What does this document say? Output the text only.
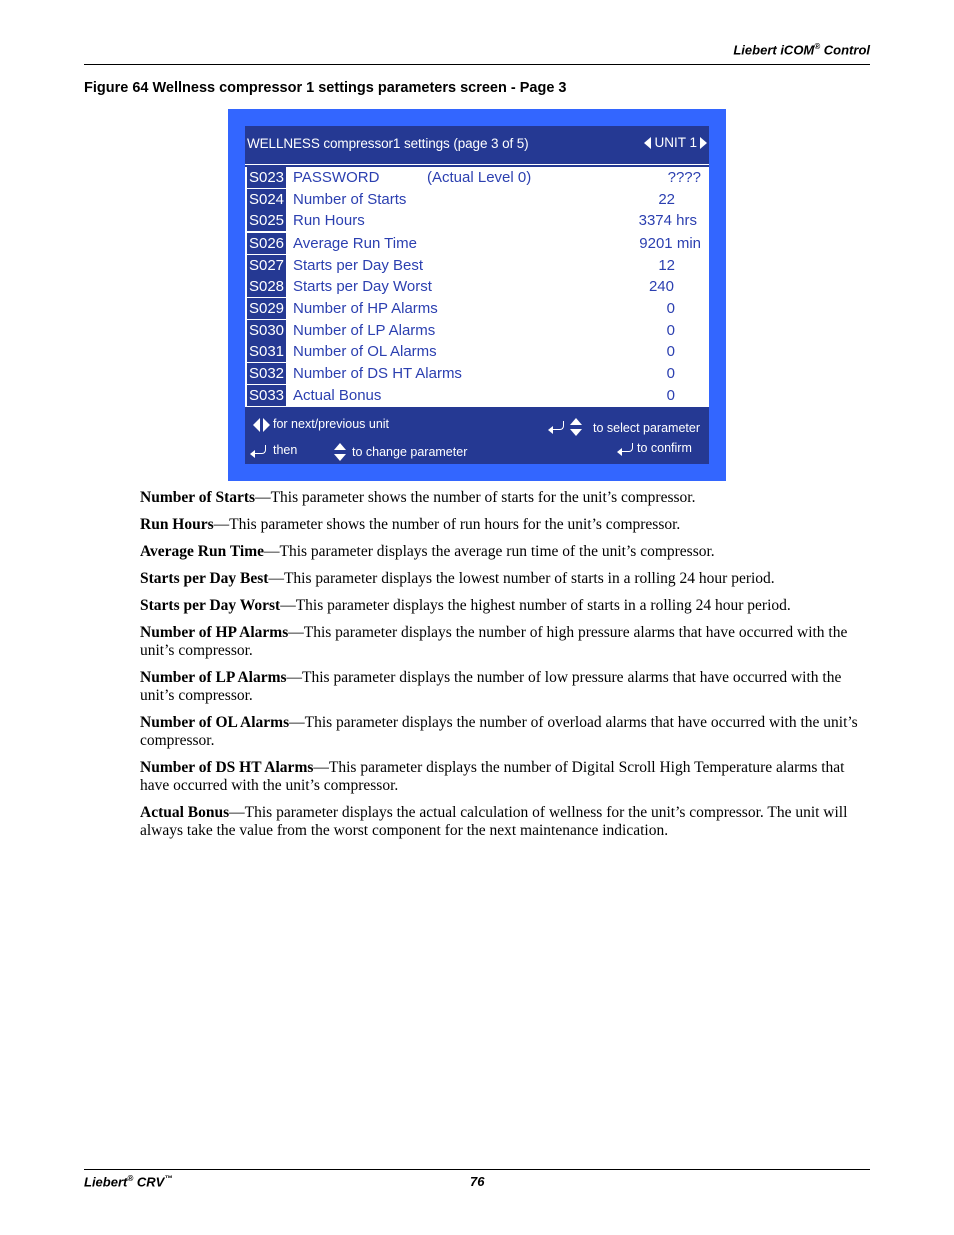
Liebert iCOM® Control
Figure 64 Wellness compressor 1 settings parameters screen - Page 3
WELLNESS compressor1 settings (page 3 of 5)	UNIT 1
S023 PASSWORD	(Actual Level 0)	????
S024 Number of Starts	22
S025 Run Hours	3374 hrs
S026 Average Run Time	9201 min
S027 Starts per Day Best	12
S028 Starts per Day Worst	240
S029 Number of HP Alarms	0
S030 Number of LP Alarms	0
S031 Number of OL Alarms	0
S032 Number of DS HT Alarms	0
S033 Actual Bonus	0
for next/previous unit	to select parameter
then	to change parameter	to confirm

Number of Starts—This parameter shows the number of starts for the unit’s compressor.

Run Hours—This parameter shows the number of run hours for the unit’s compressor.

Average Run Time—This parameter displays the average run time of the unit’s compressor.

Starts per Day Best—This parameter displays the lowest number of starts in a rolling 24 hour period.

Starts per Day Worst—This parameter displays the highest number of starts in a rolling 24 hour period.

Number of HP Alarms—This parameter displays the number of high pressure alarms that have occurred with the unit’s compressor.

Number of LP Alarms—This parameter displays the number of low pressure alarms that have occurred with the unit’s compressor.

Number of OL Alarms—This parameter displays the number of overload alarms that have occurred with the unit’s compressor.

Number of DS HT Alarms—This parameter displays the number of Digital Scroll High Temperature alarms that have occurred with the unit’s compressor.

Actual Bonus—This parameter displays the actual calculation of wellness for the unit’s compressor. The unit will always take the value from the worst component for the next maintenance indication.

Liebert® CRV™	76
